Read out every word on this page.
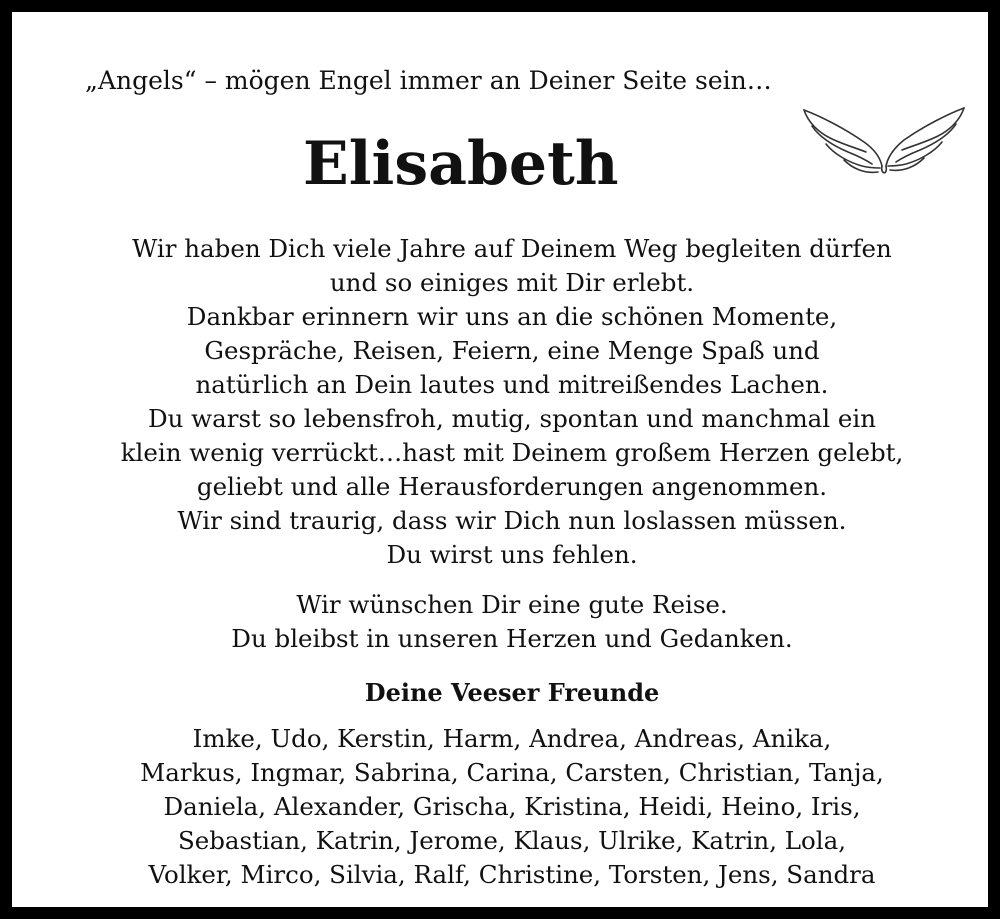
„Angels“ – mögen Engel immer an Deiner Seite sein…
Elisabeth
Wir haben Dich viele Jahre auf Deinem Weg begleiten dürfen
und so einiges mit Dir erlebt.
Dankbar erinnern wir uns an die schönen Momente,
Gespräche, Reisen, Feiern, eine Menge Spaß und
natürlich an Dein lautes und mitreißendes Lachen.
Du warst so lebensfroh, mutig, spontan und manchmal ein
klein wenig verrückt…hast mit Deinem großem Herzen gelebt,
geliebt und alle Herausforderungen angenommen.
Wir sind traurig, dass wir Dich nun loslassen müssen.
Du wirst uns fehlen.
Wir wünschen Dir eine gute Reise.
Du bleibst in unseren Herzen und Gedanken.
Deine Veeser Freunde
Imke, Udo, Kerstin, Harm, Andrea, Andreas, Anika,
Markus, Ingmar, Sabrina, Carina, Carsten, Christian, Tanja,
Daniela, Alexander, Grischa, Kristina, Heidi, Heino, Iris,
Sebastian, Katrin, Jerome, Klaus, Ulrike, Katrin, Lola,
Volker, Mirco, Silvia, Ralf, Christine, Torsten, Jens, Sandra
